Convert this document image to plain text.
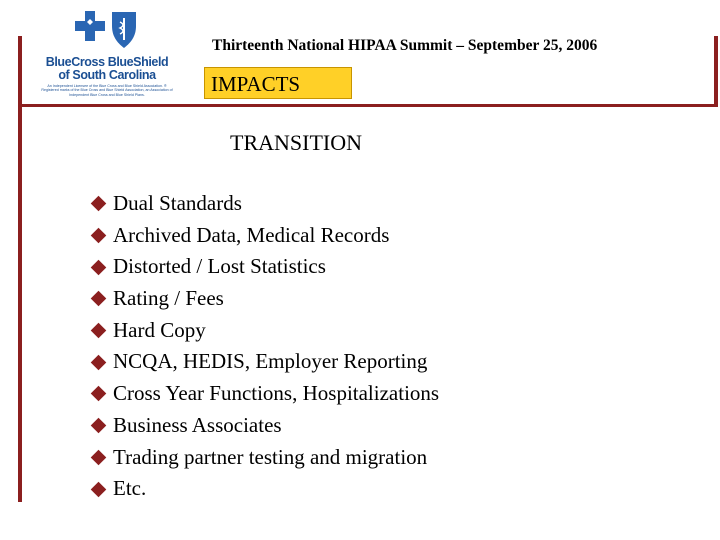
BlueCross BlueShield
of South Carolina
An Independent Licensee of the Blue Cross and Blue Shield Association. ® Registered marks of the Blue Cross and Blue Shield Association, an Association of Independent Blue Cross and Blue Shield Plans.
Thirteenth National HIPAA Summit – September 25, 2006
IMPACTS
TRANSITION
Dual Standards
Archived Data, Medical Records
Distorted / Lost Statistics
Rating / Fees
Hard Copy
NCQA, HEDIS, Employer Reporting
Cross Year Functions, Hospitalizations
Business Associates
Trading partner testing and migration
Etc.
